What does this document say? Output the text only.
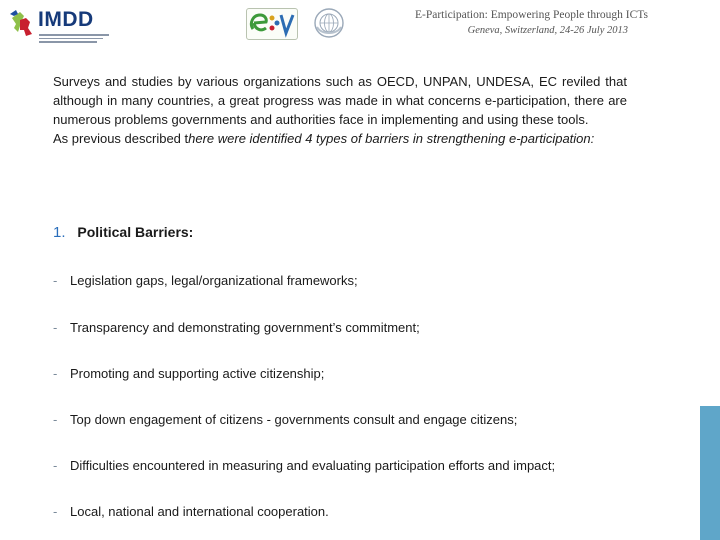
IMDD	E-Participation: Empowering People through ICTs
Geneva, Switzerland, 24-26 July 2013

Surveys and studies by various organizations such as OECD, UNPAN, UNDESA, EC reviled that although in many countries, a great progress was made in what concerns e-participation, there are numerous problems governments and authorities face in implementing and using these tools.

As previous described there were identified 4 types of barriers in strengthening e-participation:

1. Political Barriers:
- Legislation gaps, legal/organizational frameworks;
- Transparency and demonstrating government’s commitment;
- Promoting and supporting active citizenship;
- Top down engagement of citizens - governments consult and engage citizens;
- Difficulties encountered in measuring and evaluating participation efforts and impact;
- Local, national and international cooperation.
